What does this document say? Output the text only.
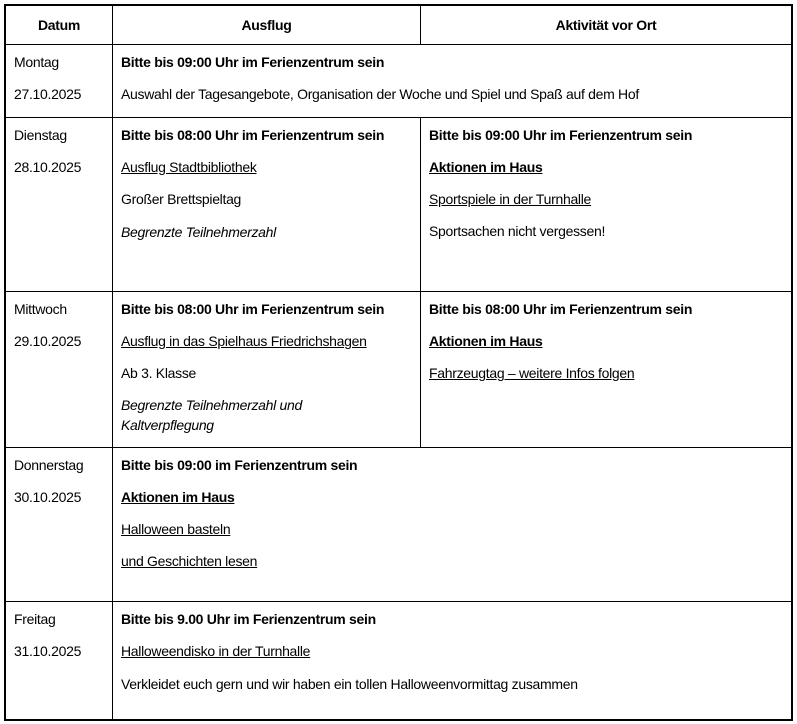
Datum	Ausflug	Aktivität vor Ort

Montag

27.10.2025

Bitte bis 09:00 Uhr im Ferienzentrum sein

Auswahl der Tagesangebote, Organisation der Woche und Spiel und Spaß auf dem Hof

Dienstag

28.10.2025

Bitte bis 08:00 Uhr im Ferienzentrum sein

Ausflug Stadtbibliothek

Großer Brettspieltag

Begrenzte Teilnehmerzahl

Bitte bis 09:00 Uhr im Ferienzentrum sein

Aktionen im Haus

Sportspiele in der Turnhalle

Sportsachen nicht vergessen!

Mittwoch

29.10.2025

Bitte bis 08:00 Uhr im Ferienzentrum sein

Ausflug in das Spielhaus Friedrichshagen

Ab 3. Klasse

Begrenzte Teilnehmerzahl und Kaltverpflegung

Bitte bis 08:00 Uhr im Ferienzentrum sein

Aktionen im Haus

Fahrzeugtag – weitere Infos folgen

Donnerstag

30.10.2025

Bitte bis 09:00 im Ferienzentrum sein

Aktionen im Haus

Halloween basteln

und Geschichten lesen

Freitag

31.10.2025

Bitte bis 9.00 Uhr im Ferienzentrum sein

Halloweendisko in der Turnhalle

Verkleidet euch gern und wir haben ein tollen Halloweenvormittag zusammen
